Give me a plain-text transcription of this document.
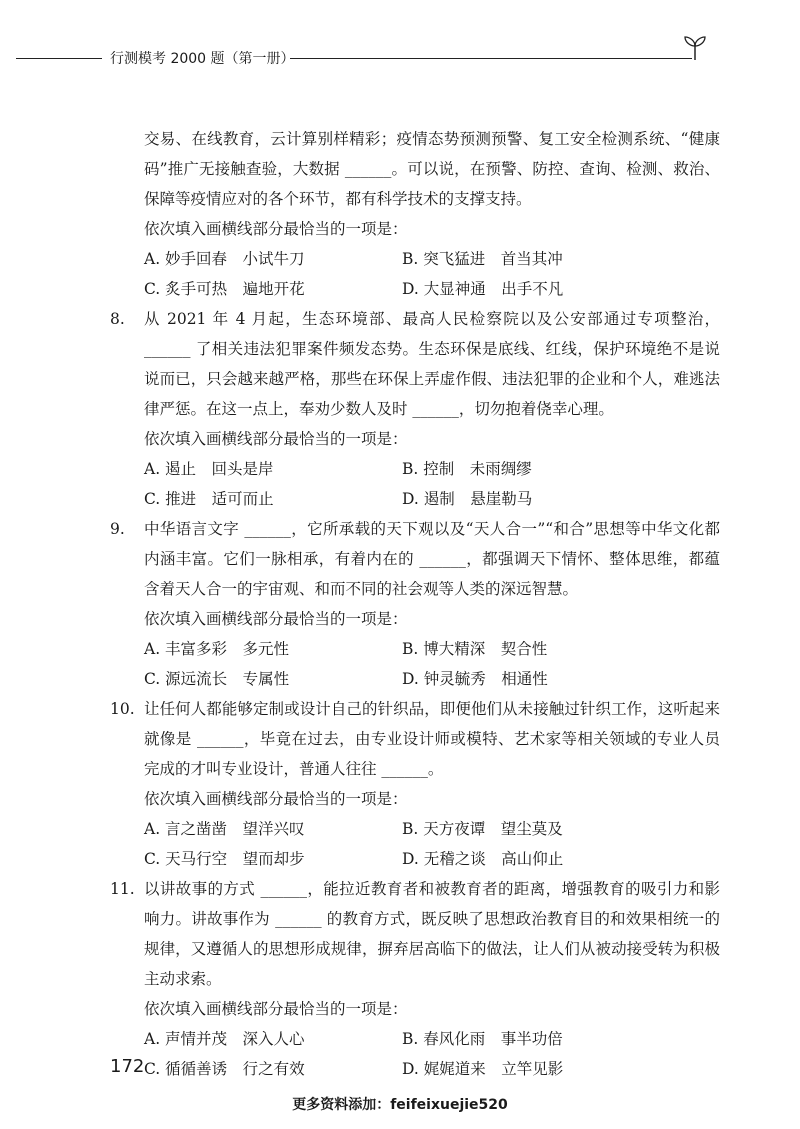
行测模考 2000 题（第一册）

交易、在线教育，云计算别样精彩；疫情态势预测预警、复工安全检测系统、“健康码”推广无接触查验，大数据 ______。可以说，在预警、防控、查询、检测、救治、保障等疫情应对的各个环节，都有科学技术的支撑支持。

依次填入画横线部分最恰当的一项是：
A. 妙手回春　小试牛刀	B. 突飞猛进　首当其冲
C. 炙手可热　遍地开花	D. 大显神通　出手不凡
8. 从 2021 年 4 月起，生态环境部、最高人民检察院以及公安部通过专项整治，______ 了相关违法犯罪案件频发态势。生态环保是底线、红线，保护环境绝不是说说而已，只会越来越严格，那些在环保上弄虚作假、违法犯罪的企业和个人，难逃法律严惩。在这一点上，奉劝少数人及时 ______，切勿抱着侥幸心理。

依次填入画横线部分最恰当的一项是：
A. 遏止　回头是岸	B. 控制　未雨绸缪
C. 推进　适可而止	D. 遏制　悬崖勒马
9. 中华语言文字 ______，它所承载的天下观以及“天人合一”“和合”思想等中华文化都内涵丰富。它们一脉相承，有着内在的 ______，都强调天下情怀、整体思维，都蕴含着天人合一的宇宙观、和而不同的社会观等人类的深远智慧。

依次填入画横线部分最恰当的一项是：
A. 丰富多彩　多元性	B. 博大精深　契合性
C. 源远流长　专属性	D. 钟灵毓秀　相通性
10. 让任何人都能够定制或设计自己的针织品，即便他们从未接触过针织工作，这听起来就像是 ______，毕竟在过去，由专业设计师或模特、艺术家等相关领域的专业人员完成的才叫专业设计，普通人往往 ______。

依次填入画横线部分最恰当的一项是：
A. 言之凿凿　望洋兴叹	B. 天方夜谭　望尘莫及
C. 天马行空　望而却步	D. 无稽之谈　高山仰止
11. 以讲故事的方式 ______，能拉近教育者和被教育者的距离，增强教育的吸引力和影响力。讲故事作为 ______ 的教育方式，既反映了思想政治教育目的和效果相统一的规律，又遵循人的思想形成规律，摒弃居高临下的做法，让人们从被动接受转为积极主动求索。

依次填入画横线部分最恰当的一项是：
A. 声情并茂　深入人心	B. 春风化雨　事半功倍
C. 循循善诱　行之有效	D. 娓娓道来　立竿见影
172
更多资料添加：feifeixuejie520
